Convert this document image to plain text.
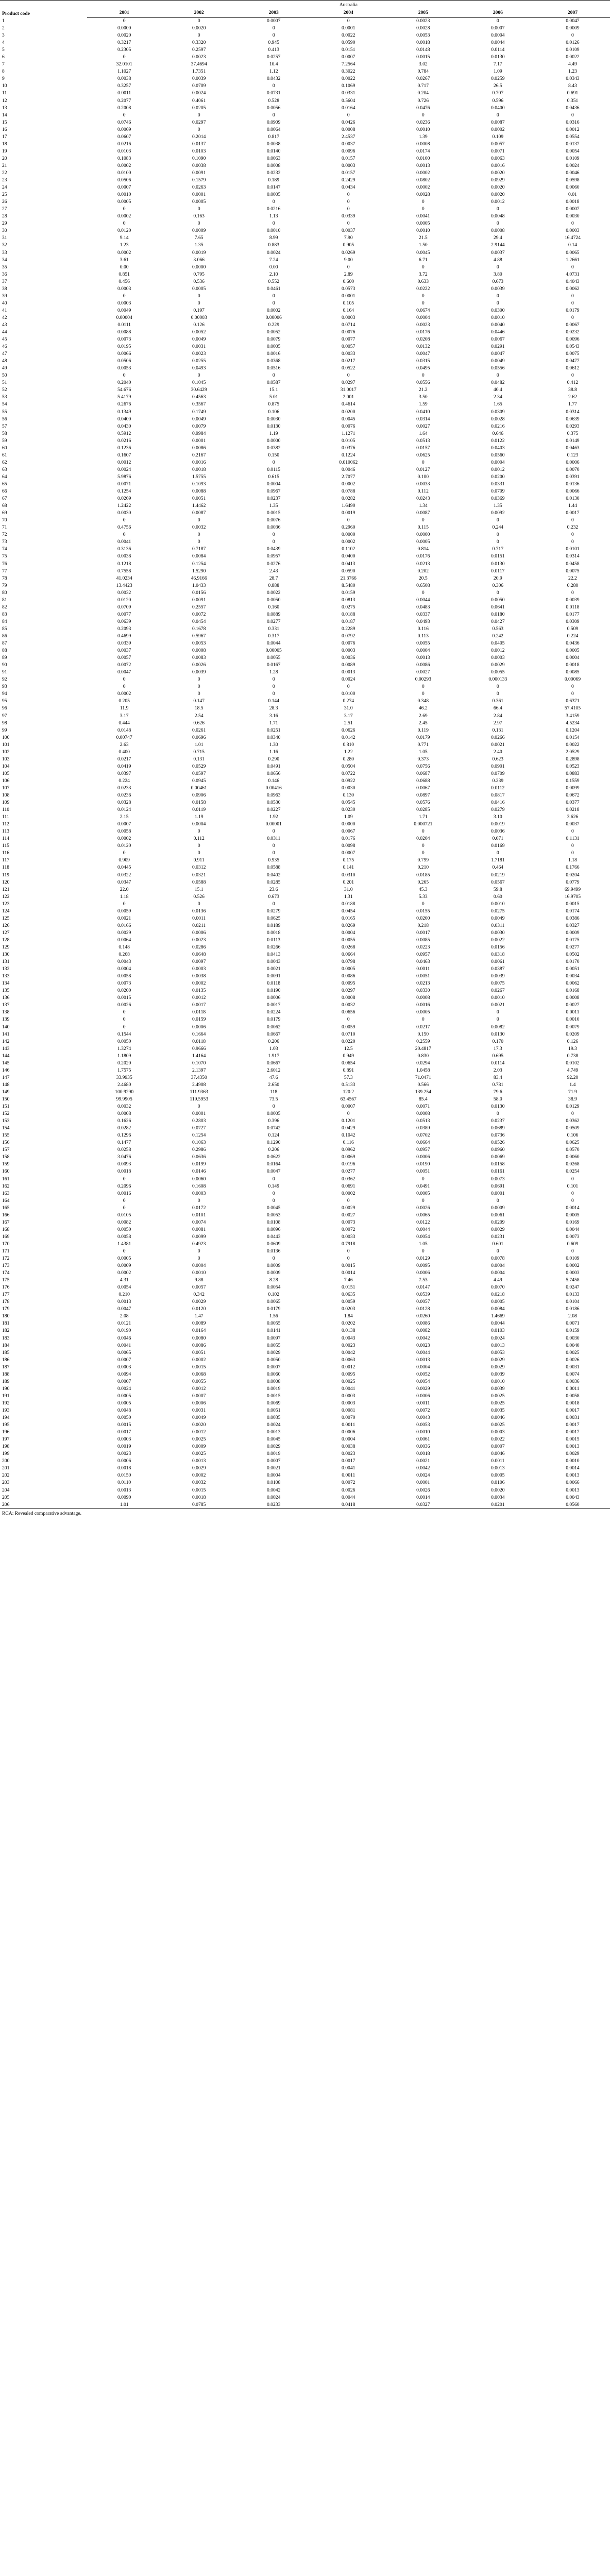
Product code	Australia						
	2001	2002	2003	2004	2005	2006	2007
1	0	0	0.0007	0	0.0023	0	0.0047
2	0.0000	0.0020	0	0.0001	0.0028	0.0007	0.0009
3	0.0020	0	0	0.0022	0.0053	0.0004	0
4	0.3217	0.3320	0.945	0.0590	0.0018	0.0044	0.0126
5	0.2305	0.2597	0.413	0.0151	0.0148	0.0114	0.0109
6	0	0.0023	0.0257	0.0007	0.0015	0.0130	0.0022
7	32.0101	37.4694	10.4	7.2564	3.02	7.17	4.49
8	1.1027	1.7351	1.12	0.3022	0.784	1.09	1.23
9	0.0038	0.0039	0.0432	0.0022	0.0267	0.0259	0.0343
10	0.3257	0.0709	0	0.1069	0.717	26.5	8.43
11	0.0011	0.0024	0.0731	0.0331	0.204	0.707	0.691
12	0.2077	0.4061	0.528	0.5604	0.726	0.596	0.351
13	0.2008	0.0205	0.0056	0.0164	0.0476	0.0400	0.0436
14	0	0	0	0	0	0	0
15	0.0746	0.0297	0.0909	0.0426	0.0236	0.0087	0.0316
16	0.0069	0	0.0064	0.0008	0.0010	0.0002	0.0012
17	0.0607	0.2014	0.817	2.4537	1.39	0.109	0.0554
18	0.0216	0.0137	0.0038	0.0037	0.0008	0.0057	0.0137
19	0.0103	0.0103	0.0140	0.0096	0.0174	0.0071	0.0054
20	0.1083	0.1090	0.0063	0.0157	0.0100	0.0063	0.0109
21	0.0002	0.0038	0.0008	0.0003	0.0013	0.0016	0.0024
22	0.0100	0.0091	0.0232	0.0157	0.0002	0.0020	0.0046
23	0.0506	0.1579	0.189	0.2429	0.0802	0.0929	0.0598
24	0.0007	0.0263	0.0147	0.0434	0.0002	0.0020	0.0060
25	0.0010	0.0001	0.0005	0	0.0028	0.0020	0.01
26	0.0005	0.0005	0	0	0	0.0012	0.0018
27	0	0	0.0216	0	0	0	0.0007
28	0.0002	0.163	1.13	0.0339	0.0041	0.0048	0.0030
29	0	0	0	0	0.0005	0	0
30	0.0120	0.0009	0.0010	0.0037	0.0010	0.0008	0.0003
31	9.14	7.65	8.99	7.90	21.5	29.4	16.4724
32	1.23	1.35	0.883	0.905	1.50	2.9144	0.14
33	0.0002	0.0019	0.0024	0.0269	0.0045	0.0037	0.0065
34	3.61	3.066	7.24	9.00	6.71	4.88	1.2661
35	0.00	0.0000	0.00	0	0	0	0
36	0.851	0.795	2.10	2.89	3.72	3.80	4.0731
37	0.456	0.536	0.552	0.600	0.633	0.673	0.4043
38	0.0003	0.0005	0.0461	0.0573	0.0222	0.0039	0.0062
39	0	0	0	0.0001	0	0	0
40	0.0003	0	0	0.105	0	0	0
41	0.0049	0.197	0.0002	0.164	0.0674	0.0300	0.0179
42	0.00004	0.00003	0.00006	0.0003	0.0004	0.0010	0
43	0.0111	0.126	0.229	0.0714	0.0023	0.0040	0.0067
44	0.0088	0.0052	0.0052	0.0076	0.0176	0.0446	0.0232
45	0.0073	0.0049	0.0079	0.0077	0.0208	0.0067	0.0096
46	0.0195	0.0031	0.0005	0.0057	0.0132	0.0291	0.0543
47	0.0066	0.0023	0.0016	0.0033	0.0047	0.0047	0.0075
48	0.0506	0.0255	0.0368	0.0217	0.0315	0.0049	0.0477
49	0.0053	0.0493	0.0516	0.0522	0.0495	0.0556	0.0612
50	0	0	0	0	0	0	0
51	0.2040	0.1045	0.0587	0.0297	0.0556	0.0482	0.412
52	54.676	30.6429	15.1	31.0017	21.2	40.4	38.8
53	5.4179	0.4563	5.01	2.001	3.50	2.34	2.62
54	0.2676	0.3567	0.875	0.4614	1.59	1.65	1.77
55	0.1349	0.1749	0.106	0.0200	0.0410	0.0309	0.0314
56	0.0400	0.0049	0.0030	0.0045	0.0314	0.0028	0.0639
57	0.0430	0.0079	0.0130	0.0076	0.0027	0.0216	0.0293
58	0.5912	0.9984	1.19	1.1271	1.64	0.646	0.375
59	0.0216	0.0001	0.0000	0.0105	0.0513	0.0122	0.0149
60	0.1236	0.0086	0.0382	0.0376	0.0157	0.0403	0.0463
61	0.1607	0.2167	0.150	0.1224	0.0625	0.0560	0.123
62	0.0012	0.0016	0	0.010062	0	0.0004	0.0006
63	0.0024	0.0018	0.0115	0.0046	0.0127	0.0012	0.0070
64	5.9876	1.5755	0.615	2.7077	0.100	0.0200	0.0391
65	0.0071	0.1093	0.0004	0.0002	0.0033	0.0331	0.0136
66	0.1254	0.0088	0.0967	0.0788	0.112	0.0709	0.0066
67	0.0269	0.0051	0.0237	0.0282	0.0243	0.0369	0.0130
68	1.2422	1.4462	1.35	1.6490	1.34	1.35	1.44
69	0.0030	0.0087	0.0015	0.0019	0.0087	0.0092	0.0017
70	0	0	0.0076	0	0	0	0
71	0.4756	0.0032	0.0036	0.2960	0.115	0.244	0.232
72	0	0	0	0.0000	0.0000	0	0
73	0.0041	0	0	0.0002	0.0005	0	0
74	0.3136	0.7187	0.0439	0.1102	0.814	0.717	0.0101
75	0.0038	0.0084	0.0957	0.0400	0.0176	0.0151	0.0314
76	0.1218	0.1254	0.0276	0.0413	0.0213	0.0130	0.0458
77	0.7558	1.5290	2.43	0.0590	0.202	0.0117	0.0075
78	41.0234	46.9166	28.7	21.3766	20.5	20.9	22.2
79	13.4423	1.0433	0.888	8.5480	0.6508	0.306	0.280
80	0.0032	0.0156	0.0022	0.0159	0	0	0
81	0.0120	0.0091	0.0050	0.0813	0.0044	0.0050	0.0039
82	0.0709	0.2557	0.160	0.0275	0.0483	0.0641	0.0118
83	0.0077	0.0072	0.0889	0.0188	0.0337	0.0180	0.0177
84	0.0639	0.0454	0.0277	0.0187	0.0493	0.0427	0.0309
85	0.2093	0.1678	0.331	0.2289	0.116	0.563	0.509
86	0.4699	0.5967	0.317	0.0792	0.113	0.242	0.224
87	0.0339	0.0053	0.0044	0.0076	0.0055	0.0405	0.0436
88	0.0037	0.0008	0.00005	0.0003	0.0004	0.0012	0.0005
89	0.0057	0.0083	0.0055	0.0036	0.0013	0.0003	0.0004
90	0.0072	0.0026	0.0167	0.0089	0.0086	0.0029	0.0018
91	0.0047	0.0039	1.28	0.0013	0.0027	0.0055	0.0085
92	0	0	0	0.0024	0.00293	0.000133	0.00069
93	0	0	0	0	0	0	0
94	0.0002	0	0	0.0100	0	0	0
95	0.205	0.147	0.144	0.274	0.348	0.361	0.6371
96	11.9	18.5	28.3	31.0	46.2	66.4	57.4105
97	3.17	2.54	3.16	3.17	2.69	2.84	3.4159
98	0.444	0.626	1.71	2.51	2.45	2.97	4.5234
99	0.0148	0.0261	0.0251	0.0626	0.119	0.131	0.1204
100	0.00747	0.0696	0.0340	0.0142	0.0179	0.0266	0.0154
101	2.63	1.01	1.30	0.810	0.771	0.0021	0.0022
102	0.400	0.715	1.16	1.22	1.05	2.40	2.0529
103	0.0217	0.131	0.290	0.280	0.373	0.623	0.2898
104	0.0419	0.0529	0.0491	0.0504	0.0756	0.0901	0.0523
105	0.0397	0.0597	0.0656	0.0722	0.0687	0.0709	0.0883
106	0.224	0.0945	0.146	0.0922	0.0688	0.239	0.1559
107	0.0233	0.00461	0.00416	0.0030	0.0067	0.0112	0.0099
108	0.0236	0.0906	0.0963	0.130	0.0897	0.0817	0.0672
109	0.0328	0.0158	0.0530	0.0545	0.0576	0.0416	0.0377
110	0.0124	0.0119	0.0227	0.0230	0.0285	0.0279	0.0218
111	2.15	1.19	1.92	1.09	1.71	3.10	3.626
112	0.0007	0.0004	0.00001	0.0000	0.000721	0.0019	0.0037
113	0.0058	0	0	0.0067	0	0.0036	0
114	0.0002	0.112	0.0311	0.0176	0.0204	0.071	0.1131
115	0.0120	0	0	0.0098	0	0.0169	0
116	0	0	0	0.0007	0	0	0
117	0.909	0.911	0.935	0.175	0.799	1.7181	1.18
118	0.0445	0.0312	0.0588	0.141	0.210	0.464	0.1766
119	0.0322	0.0321	0.0402	0.0310	0.0185	0.0219	0.0204
120	0.0347	0.0588	0.0285	0.201	0.265	0.0567	0.0779
121	22.0	15.1	23.6	31.0	45.3	59.8	69.9499
122	1.18	0.526	0.673	1.31	5.33	0.60	16.9705
123	0	0	0	0.0188	0	0.0010	0.0015
124	0.0059	0.0136	0.0279	0.0454	0.0155	0.0275	0.0174
125	0.0021	0.0011	0.0625	0.0165	0.0200	0.0049	0.0386
126	0.0166	0.0211	0.0189	0.0269	0.218	0.0311	0.0327
127	0.0029	0.0006	0.0018	0.0004	0.0017	0.0030	0.0009
128	0.0064	0.0023	0.0113	0.0055	0.0085	0.0022	0.0175
129	0.148	0.0286	0.0266	0.0268	0.0223	0.0156	0.0277
130	0.268	0.0648	0.0413	0.0664	0.0957	0.0318	0.0502
131	0.0043	0.0097	0.0043	0.0798	0.0463	0.0061	0.0170
132	0.0004	0.0003	0.0021	0.0005	0.0011	0.0387	0.0051
133	0.0058	0.0038	0.0091	0.0086	0.0051	0.0039	0.0034
134	0.0073	0.0002	0.0118	0.0095	0.0213	0.0075	0.0062
135	0.0200	0.0135	0.0190	0.0297	0.0330	0.0267	0.0168
136	0.0015	0.0012	0.0006	0.0008	0.0008	0.0010	0.0008
137	0.0026	0.0017	0.0017	0.0032	0.0016	0.0021	0.0027
138	0	0.0118	0.0224	0.0656	0.0005	0	0.0011
139	0	0.0159	0.0179	0	0	0	0.0010
140	0	0.0006	0.0062	0.0059	0.0217	0.0082	0.0079
141	0.1544	0.1664	0.0667	0.0710	0.150	0.0130	0.0209
142	0.0050	0.0118	0.206	0.0220	0.2559	0.170	0.126
143	1.3274	0.9666	1.03	12.5	20.4817	17.3	19.3
144	1.1809	1.4164	1.917	0.949	0.830	0.695	0.738
145	0.2020	0.1070	0.0667	0.0654	0.0294	0.0114	0.0102
146	1.7575	2.1397	2.6012	0.891	1.0458	2.03	4.749
147	33.9935	37.4350	47.6	57.3	71.0471	83.4	92.20
148	2.4680	2.4908	2.650	0.5133	0.566	0.781	1.4
149	100.9290	111.9363	118	120.2	139.254	79.6	71.9
150	99.9905	119.5953	73.5	63.4567	85.4	58.0	38.9
151	0.0032	0	0	0.0007	0.0071	0.0130	0.0129
152	0.0008	0.0001	0.0005	0	0.0008	0	0
153	0.1626	0.2803	0.396	0.1201	0.0513	0.0237	0.0362
154	0.0282	0.0727	0.0742	0.0429	0.0389	0.0689	0.0509
155	0.1296	0.1254	0.124	0.1042	0.0702	0.0736	0.106
156	0.1477	0.1063	0.1290	0.116	0.0664	0.0526	0.0625
157	0.0258	0.2986	0.206	0.0962	0.0957	0.0960	0.0570
158	3.0476	0.0636	0.0622	0.0069	0.0006	0.0069	0.0060
159	0.0093	0.0199	0.0164	0.0196	0.0190	0.0158	0.0268
160	0.0018	0.0146	0.0047	0.0277	0.0051	0.0161	0.0254
161	0	0.0060	0	0.0362	0	0.0073	0
162	0.2096	0.1608	0.149	0.0691	0.0491	0.0691	0.101
163	0.0016	0.0003	0	0.0002	0.0005	0.0001	0
164	0	0	0	0	0	0	0
165	0	0.0172	0.0045	0.0029	0.0026	0.0009	0.0014
166	0.0105	0.0101	0.0053	0.0027	0.0065	0.0061	0.0005
167	0.0082	0.0074	0.0108	0.0073	0.0122	0.0209	0.0169
168	0.0050	0.0081	0.0096	0.0072	0.0044	0.0029	0.0044
169	0.0058	0.0099	0.0443	0.0033	0.0054	0.0231	0.0073
170	1.4381	0.4923	0.0609	0.7918	1.05	0.601	0.609
171	0	0	0.0136	0	0	0	0
172	0.0005	0	0	0	0.0129	0.0078	0.0109
173	0.0009	0.0004	0.0009	0.0015	0.0095	0.0004	0.0002
174	0.0002	0.0010	0.0009	0.0014	0.0006	0.0004	0.0003
175	4.31	9.88	8.28	7.46	7.53	4.49	5.7458
176	0.0054	0.0057	0.0054	0.0151	0.0147	0.0070	0.0247
177	0.210	0.342	0.102	0.0635	0.0539	0.0218	0.0133
178	0.0013	0.0029	0.0065	0.0059	0.0057	0.0005	0.0104
179	0.0047	0.0120	0.0179	0.0203	0.0128	0.0084	0.0186
180	2.08	1.47	1.56	1.84	0.0260	1.4669	2.08
181	0.0121	0.0089	0.0055	0.0202	0.0086	0.0044	0.0071
182	0.0190	0.0164	0.0141	0.0138	0.0082	0.0103	0.0159
183	0.0046	0.0080	0.0097	0.0043	0.0042	0.0024	0.0030
184	0.0041	0.0086	0.0055	0.0023	0.0023	0.0013	0.0040
185	0.0065	0.0051	0.0029	0.0042	0.0044	0.0053	0.0025
186	0.0007	0.0002	0.0050	0.0063	0.0013	0.0029	0.0026
187	0.0003	0.0015	0.0007	0.0012	0.0004	0.0029	0.0031
188	0.0094	0.0068	0.0060	0.0095	0.0052	0.0039	0.0074
189	0.0007	0.0055	0.0008	0.0025	0.0054	0.0010	0.0036
190	0.0024	0.0012	0.0019	0.0041	0.0029	0.0039	0.0011
191	0.0005	0.0007	0.0015	0.0003	0.0006	0.0025	0.0058
192	0.0005	0.0006	0.0069	0.0003	0.0011	0.0025	0.0018
193	0.0048	0.0031	0.0051	0.0081	0.0072	0.0035	0.0017
194	0.0050	0.0049	0.0035	0.0070	0.0043	0.0046	0.0031
195	0.0015	0.0020	0.0024	0.0011	0.0053	0.0025	0.0017
196	0.0017	0.0012	0.0013	0.0006	0.0010	0.0003	0.0017
197	0.0003	0.0025	0.0045	0.0004	0.0061	0.0022	0.0015
198	0.0019	0.0009	0.0029	0.0038	0.0036	0.0007	0.0013
199	0.0023	0.0025	0.0019	0.0023	0.0018	0.0046	0.0029
200	0.0006	0.0013	0.0007	0.0017	0.0021	0.0011	0.0010
201	0.0018	0.0029	0.0021	0.0041	0.0042	0.0013	0.0014
202	0.0150	0.0002	0.0004	0.0011	0.0024	0.0005	0.0013
203	0.0110	0.0032	0.0108	0.0072	0.0001	0.0106	0.0066
204	0.0013	0.0015	0.0042	0.0026	0.0026	0.0020	0.0013
205	0.0090	0.0018	0.0024	0.0044	0.0014	0.0034	0.0043
206	1.01	0.0785	0.0233	0.0418	0.0327	0.0201	0.0560
RCA: Revealed comparative advantage.
